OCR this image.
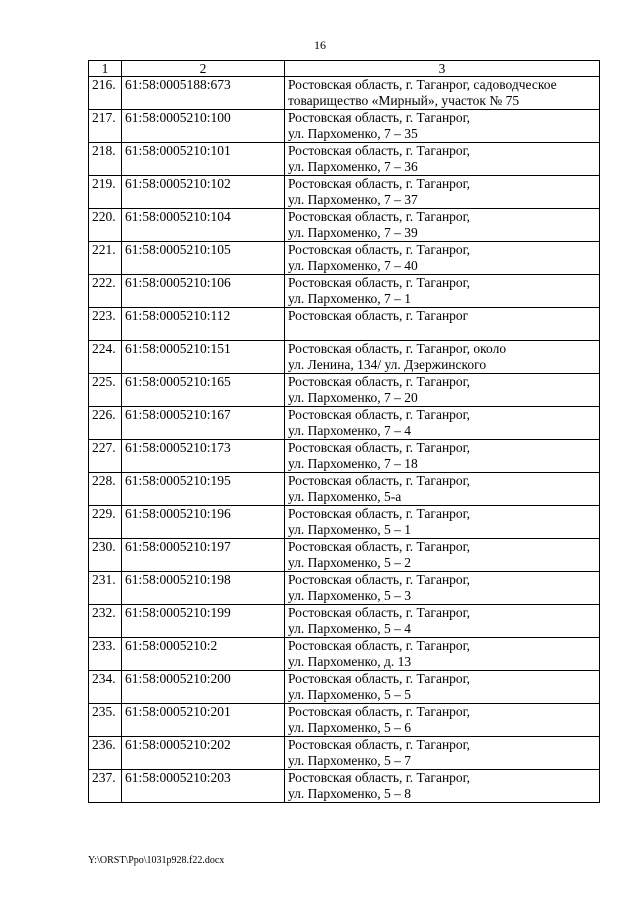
16
1	2	3
216.	61:58:0005188:673	Ростовская область, г. Таганрог, садоводческое
товарищество «Мирный», участок № 75

217.	61:58:0005210:100	Ростовская область, г. Таганрог,
ул. Пархоменко, 7 – 35

218.	61:58:0005210:101	Ростовская область, г. Таганрог,
ул. Пархоменко, 7 – 36

219.	61:58:0005210:102	Ростовская область, г. Таганрог,
ул. Пархоменко, 7 – 37

220.	61:58:0005210:104	Ростовская область, г. Таганрог,
ул. Пархоменко, 7 – 39

221.	61:58:0005210:105	Ростовская область, г. Таганрог,
ул. Пархоменко, 7 – 40

222.	61:58:0005210:106	Ростовская область, г. Таганрог,
ул. Пархоменко, 7 – 1

223.	61:58:0005210:112	Ростовская область, г. Таганрог

224.	61:58:0005210:151	Ростовская область, г. Таганрог, около
ул. Ленина, 134/ ул. Дзержинского

225.	61:58:0005210:165	Ростовская область, г. Таганрог,
ул. Пархоменко, 7 – 20

226.	61:58:0005210:167	Ростовская область, г. Таганрог,
ул. Пархоменко, 7 – 4

227.	61:58:0005210:173	Ростовская область, г. Таганрог,
ул. Пархоменко, 7 – 18

228.	61:58:0005210:195	Ростовская область, г. Таганрог,
ул. Пархоменко, 5-а

229.	61:58:0005210:196	Ростовская область, г. Таганрог,
ул. Пархоменко, 5 – 1

230.	61:58:0005210:197	Ростовская область, г. Таганрог,
ул. Пархоменко, 5 – 2

231.	61:58:0005210:198	Ростовская область, г. Таганрог,
ул. Пархоменко, 5 – 3

232.	61:58:0005210:199	Ростовская область, г. Таганрог,
ул. Пархоменко, 5 – 4

233.	61:58:0005210:2	Ростовская область, г. Таганрог,
ул. Пархоменко, д. 13

234.	61:58:0005210:200	Ростовская область, г. Таганрог,
ул. Пархоменко, 5 – 5

235.	61:58:0005210:201	Ростовская область, г. Таганрог,
ул. Пархоменко, 5 – 6

236.	61:58:0005210:202	Ростовская область, г. Таганрог,
ул. Пархоменко, 5 – 7

237.	61:58:0005210:203	Ростовская область, г. Таганрог,
ул. Пархоменко, 5 – 8
Y:\ORST\Ppo\1031p928.f22.docx
